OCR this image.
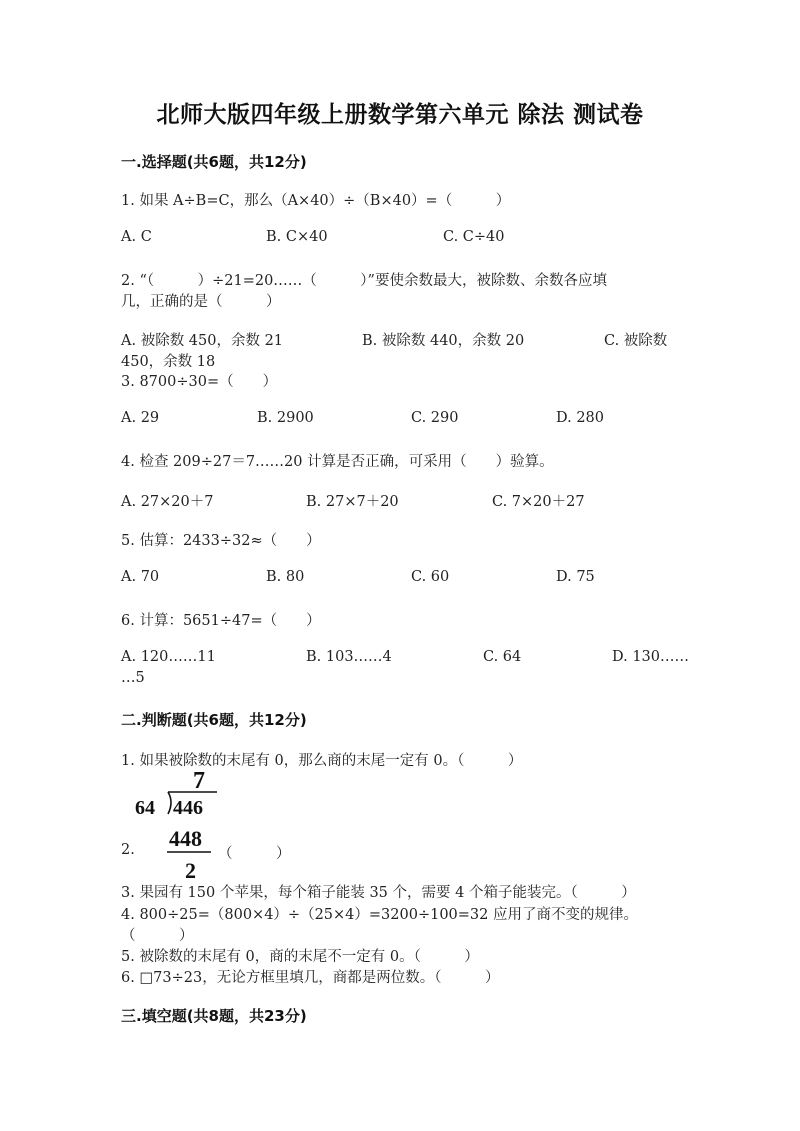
北师大版四年级上册数学第六单元 除法 测试卷
一.选择题(共6题，共12分)
1. 如果 A÷B=C，那么（A×40）÷（B×40）=（　　　）
A. C	B. C×40	C. C÷40
2. “（　　　）÷21=20……（　　　）”要使余数最大，被除数、余数各应填
几，正确的是（　　　）
A. 被除数 450，余数 21	B. 被除数 440，余数 20	C. 被除数
450，余数 18
3. 8700÷30=（　　）
A. 29	B. 2900	C. 290	D. 280
4. 检查 209÷27＝7……20 计算是否正确，可采用（　　）验算。
A. 27×20＋7	B. 27×7＋20	C. 7×20＋27
5. 估算：2433÷32≈（　　）
A. 70	B. 80	C. 60	D. 75
6. 计算：5651÷47=（　　）
A. 120……11	B. 103……4	C. 64	D. 130……
…5
二.判断题(共6题，共12分)
1. 如果被除数的末尾有 0，那么商的末尾一定有 0。（　　　）
7
64 446
448
2
2.	（　　　）
3. 果园有 150 个苹果，每个箱子能装 35 个，需要 4 个箱子能装完。（　　　）
4. 800÷25=（800×4）÷（25×4）=3200÷100=32 应用了商不变的规律。
（　　　）
5. 被除数的末尾有 0，商的末尾不一定有 0。（　　　）
6. □73÷23，无论方框里填几，商都是两位数。（　　　）
三.填空题(共8题，共23分)
